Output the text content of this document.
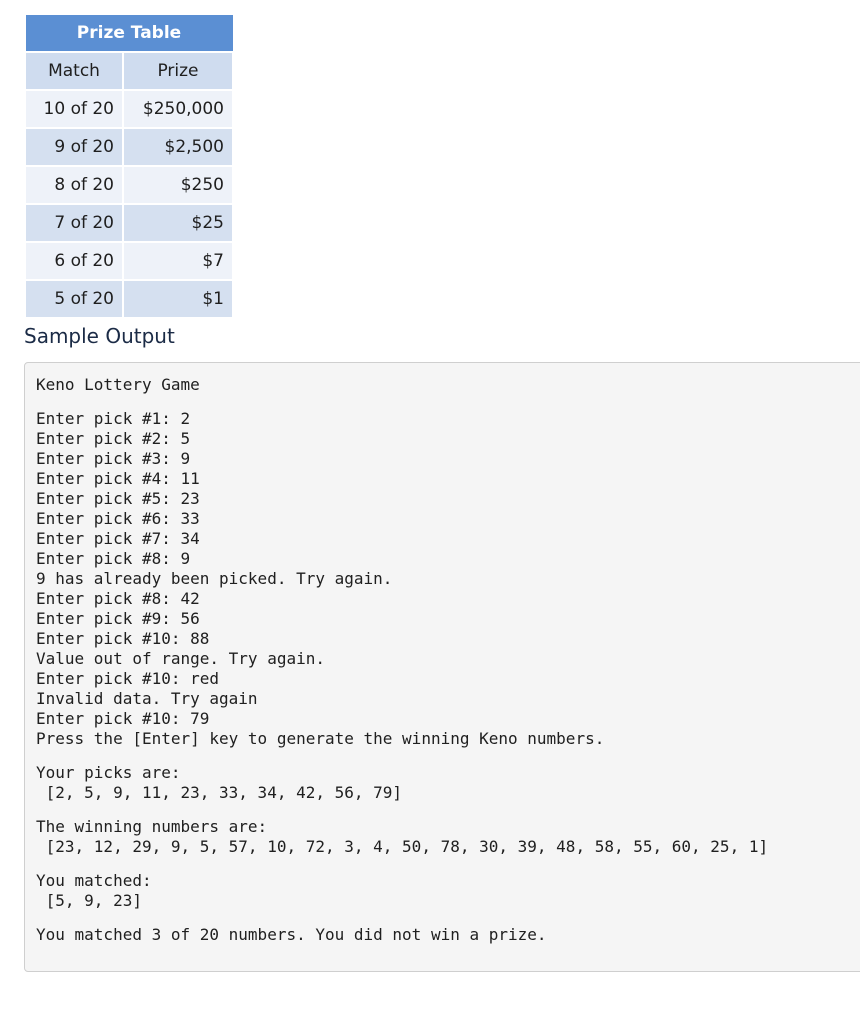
Prize Table	
Match	Prize
10 of 20	$250,000
9 of 20	$2,500
8 of 20	$250
7 of 20	$25
6 of 20	$7
5 of 20	$1
Sample Output
Keno Lottery Game
Enter pick #1: 2
Enter pick #2: 5
Enter pick #3: 9
Enter pick #4: 11
Enter pick #5: 23
Enter pick #6: 33
Enter pick #7: 34
Enter pick #8: 9
9 has already been picked. Try again.
Enter pick #8: 42
Enter pick #9: 56
Enter pick #10: 88
Value out of range. Try again.
Enter pick #10: red
Invalid data. Try again
Enter pick #10: 79
Press the [Enter] key to generate the winning Keno numbers.
Your picks are:
[2, 5, 9, 11, 23, 33, 34, 42, 56, 79]
The winning numbers are:
[23, 12, 29, 9, 5, 57, 10, 72, 3, 4, 50, 78, 30, 39, 48, 58, 55, 60, 25, 1]
You matched:
[5, 9, 23]
You matched 3 of 20 numbers. You did not win a prize.
